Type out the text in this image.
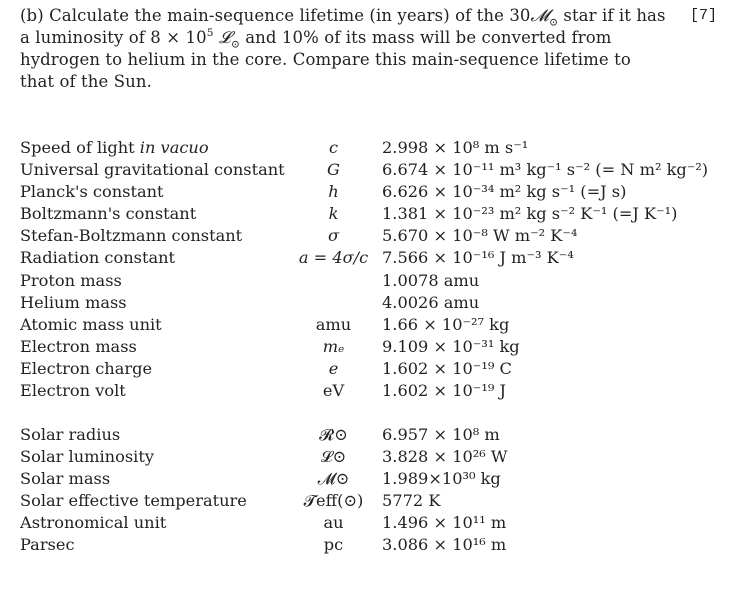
(b) Calculate the main-sequence lifetime (in years) of the 30𝓜$_⊙$ star if it has a luminosity of $8 \times 10^5$ 𝓛$_⊙$ and 10% of its mass will be converted from hydrogen to helium in the core. Compare this main-sequence lifetime to that of the Sun.
[7]
Speed of light in vacuo	c	2.998 × 10⁸ m s⁻¹
Universal gravitational constant	G	6.674 × 10⁻¹¹ m³ kg⁻¹ s⁻² (= N m² kg⁻²)
Planck's constant	h	6.626 × 10⁻³⁴ m² kg s⁻¹ (=J s)
Boltzmann's constant	k	1.381 × 10⁻²³ m² kg s⁻² K⁻¹ (=J K⁻¹)
Stefan-Boltzmann constant	σ	5.670 × 10⁻⁸ W m⁻² K⁻⁴
Radiation constant	a = 4σ/c	7.566 × 10⁻¹⁶ J m⁻³ K⁻⁴
Proton mass		1.0078 amu
Helium mass		4.0026 amu
Atomic mass unit	amu	1.66 × 10⁻²⁷ kg
Electron mass	mₑ	9.109 × 10⁻³¹ kg
Electron charge	e	1.602 × 10⁻¹⁹ C
Electron volt	eV	1.602 × 10⁻¹⁹ J
Solar radius	𝓡⊙	6.957 × 10⁸ m
Solar luminosity	𝓛⊙	3.828 × 10²⁶ W
Solar mass	𝓜⊙	1.989×10³⁰ kg
Solar effective temperature	𝓣eff(⊙)	5772 K
Astronomical unit	au	1.496 × 10¹¹ m
Parsec	pc	3.086 × 10¹⁶ m
